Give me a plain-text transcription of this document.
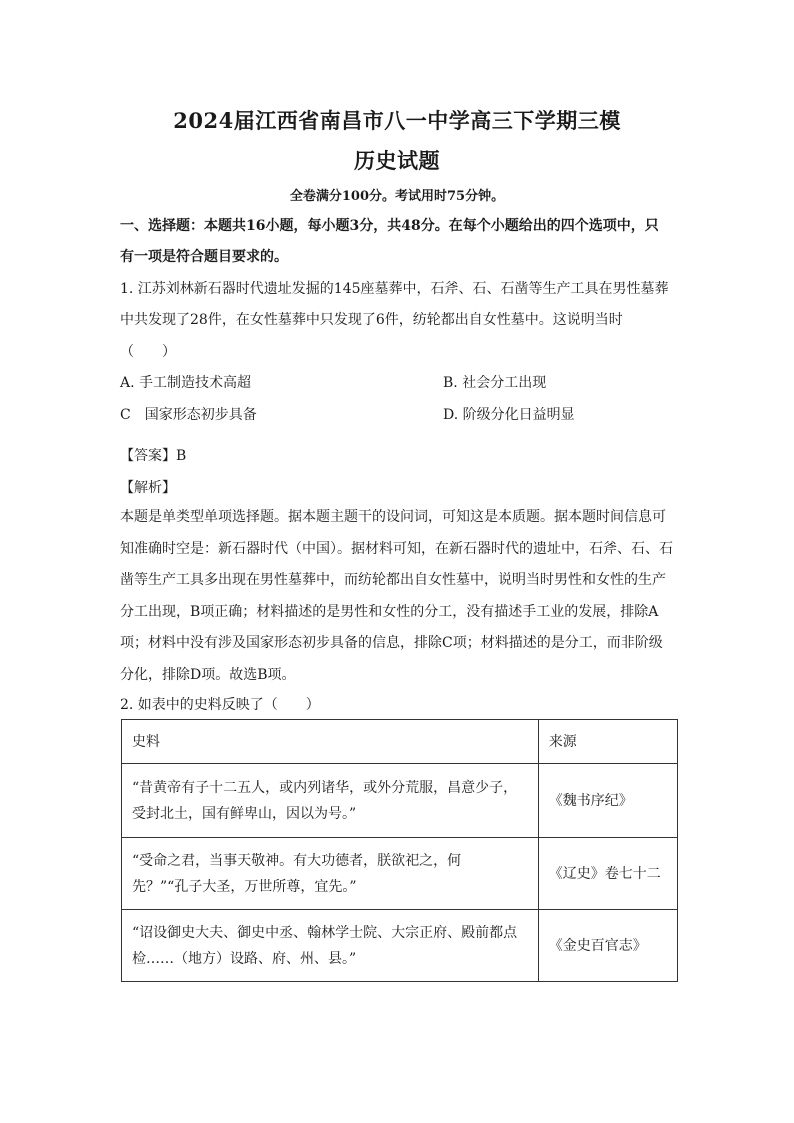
2024届江西省南昌市八一中学高三下学期三模
历史试题
全卷满分100分。考试用时75分钟。
一、选择题：本题共16小题，每小题3分，共48分。在每个小题给出的四个选项中，只
有一项是符合题目要求的。
1. 江苏刘林新石器时代遗址发掘的145座墓葬中，石斧、石、石凿等生产工具在男性墓葬
中共发现了28件，在女性墓葬中只发现了6件，纺轮都出自女性墓中。这说明当时
（　　）
A. 手工制造技术高超	B. 社会分工出现
C　国家形态初步具备	D. 阶级分化日益明显
【答案】B
【解析】
本题是单类型单项选择题。据本题主题干的设问词，可知这是本质题。据本题时间信息可知准确时空是：新石器时代（中国）。据材料可知，在新石器时代的遗址中，石斧、石、石凿等生产工具多出现在男性墓葬中，而纺轮都出自女性墓中，说明当时男性和女性的生产分工出现，B项正确；材料描述的是男性和女性的分工，没有描述手工业的发展，排除A项；材料中没有涉及国家形态初步具备的信息，排除C项；材料描述的是分工，而非阶级分化，排除D项。故选B项。
2. 如表中的史料反映了（　　）
史料	来源

“昔黄帝有子十二五人，或内列诸华，或外分荒服，昌意少子，
受封北土，国有鲜卑山，因以为号。”	《魏书序纪》

“受命之君，当事天敬神。有大功德者，朕欲祀之，何
先？”“孔子大圣，万世所尊，宜先。”	《辽史》卷七十二

“诏设御史大夫、御史中丞、翰林学士院、大宗正府、殿前都点
检……（地方）设路、府、州、县。”	《金史百官志》
